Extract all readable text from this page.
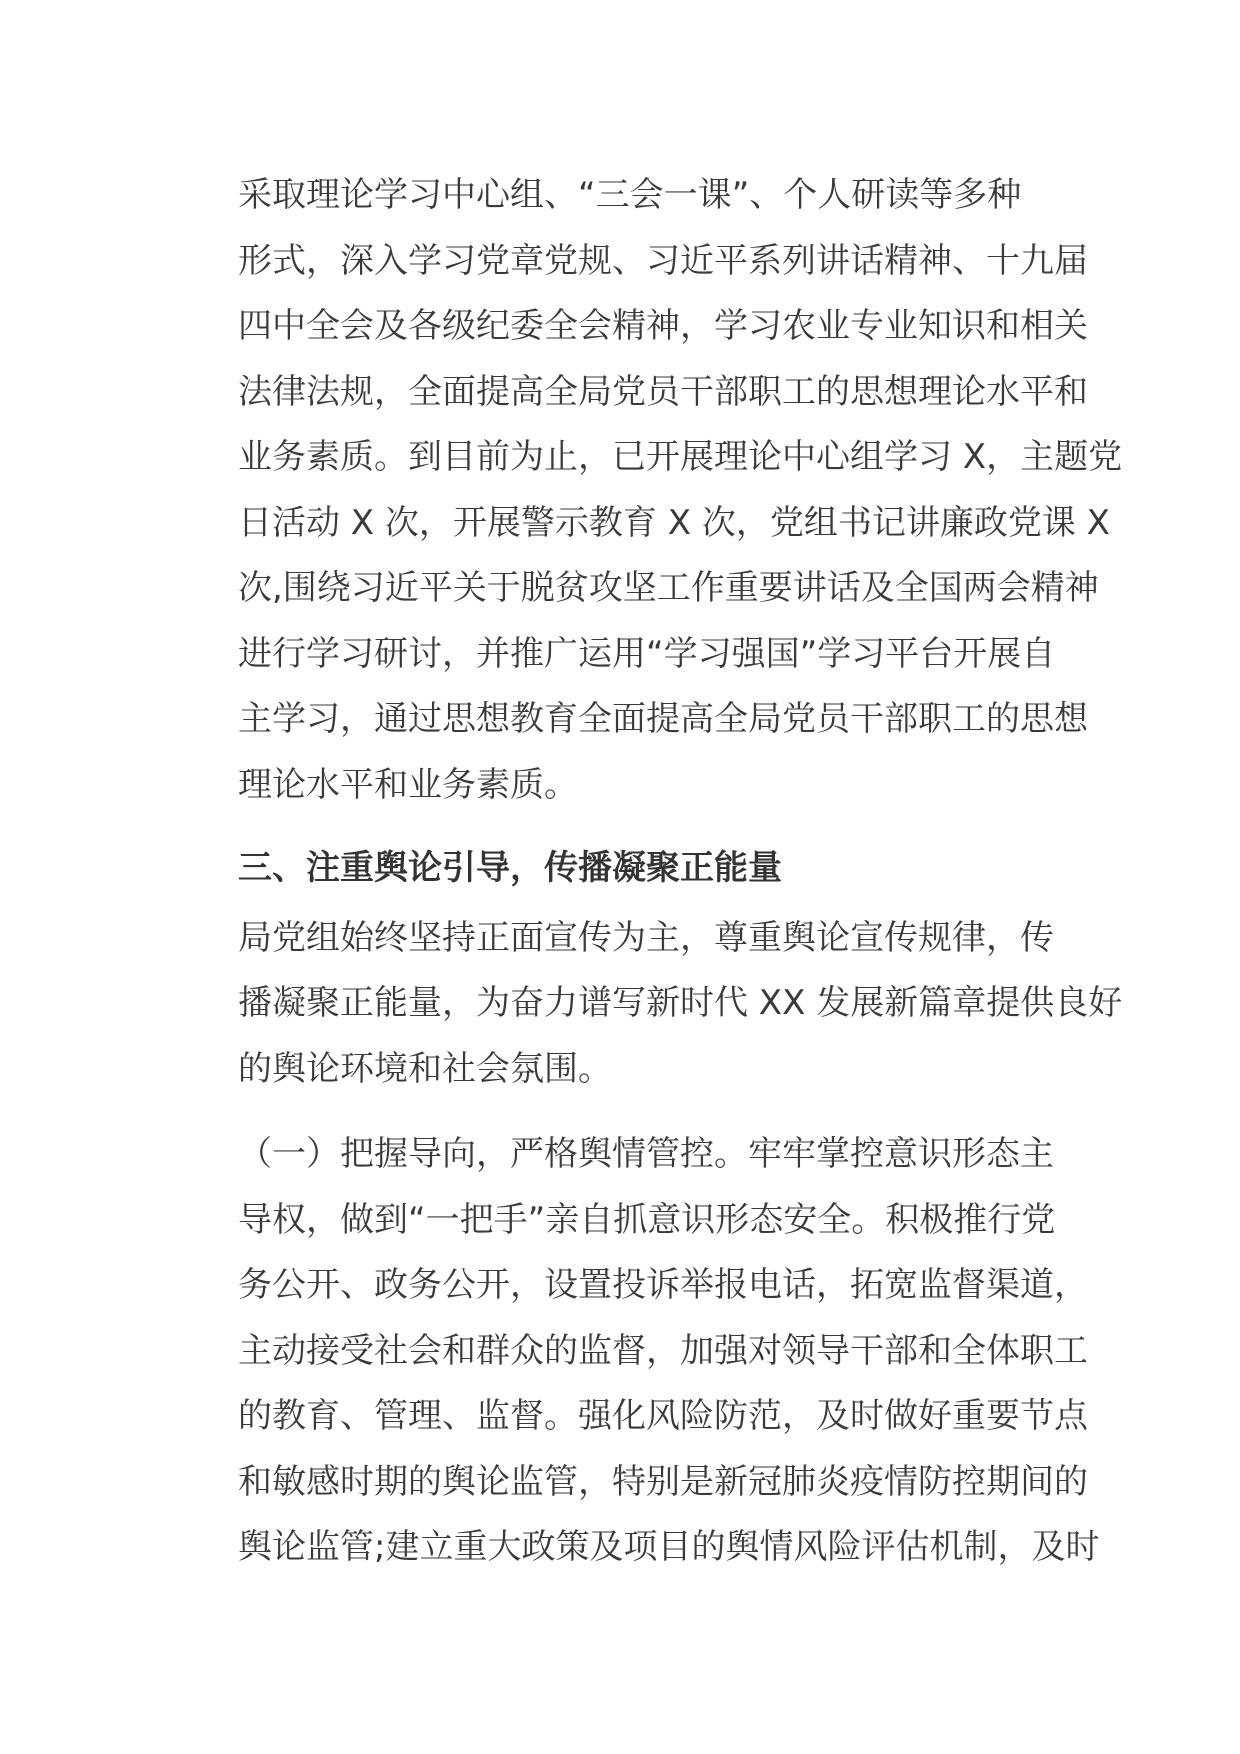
采取理论学习中心组、“三会一课”、个人研读等多种
形式，深入学习党章党规、习近平系列讲话精神、十九届
四中全会及各级纪委全会精神，学习农业专业知识和相关
法律法规，全面提高全局党员干部职工的思想理论水平和
业务素质。到目前为止，已开展理论中心组学习 X，主题党
日活动 X 次，开展警示教育 X 次，党组书记讲廉政党课 X
次,围绕习近平关于脱贫攻坚工作重要讲话及全国两会精神
进行学习研讨，并推广运用“学习强国”学习平台开展自
主学习，通过思想教育全面提高全局党员干部职工的思想
理论水平和业务素质。

三、注重舆论引导，传播凝聚正能量

局党组始终坚持正面宣传为主，尊重舆论宣传规律，传
播凝聚正能量，为奋力谱写新时代 XX 发展新篇章提供良好
的舆论环境和社会氛围。

（一）把握导向，严格舆情管控。牢牢掌控意识形态主
导权，做到“一把手”亲自抓意识形态安全。积极推行党
务公开、政务公开，设置投诉举报电话，拓宽监督渠道，
主动接受社会和群众的监督，加强对领导干部和全体职工
的教育、管理、监督。强化风险防范，及时做好重要节点
和敏感时期的舆论监管，特别是新冠肺炎疫情防控期间的
舆论监管;建立重大政策及项目的舆情风险评估机制，及时
